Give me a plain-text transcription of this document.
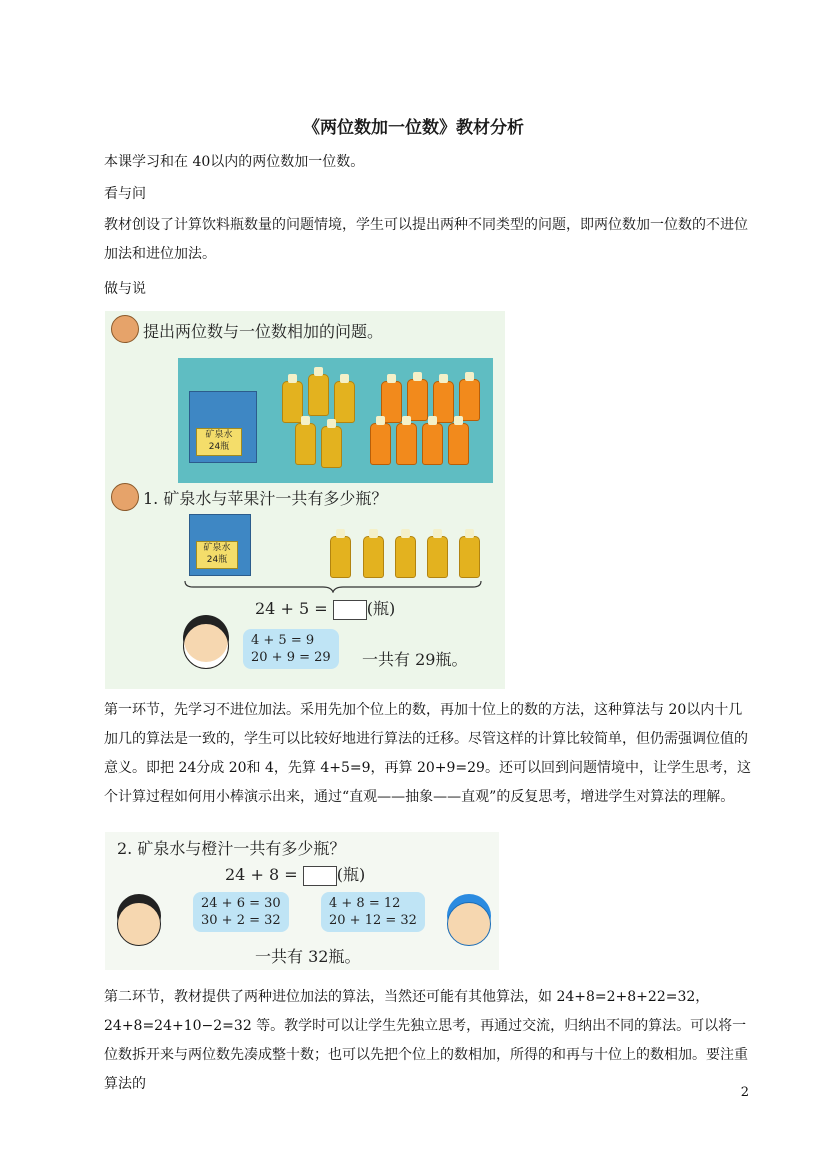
《两位数加一位数》教材分析

本课学习和在 40以内的两位数加一位数。

看与问

教材创设了计算饮料瓶数量的问题情境，学生可以提出两种不同类型的问题，即两位数加一位数的不进位加法和进位加法。

做与说

提出两位数与一位数相加的问题。
矿泉水
24瓶
1. 矿泉水与苹果汁一共有多少瓶？
矿泉水
24瓶
24 + 5 = (瓶)
4 + 5 = 9
20 + 9 = 29 一共有 29瓶。

第一环节，先学习不进位加法。采用先加个位上的数，再加十位上的数的方法，这种算法与 20以内十几加几的算法是一致的，学生可以比较好地进行算法的迁移。尽管这样的计算比较简单，但仍需强调位值的意义。即把 24分成 20和 4，先算 4+5=9，再算 20+9=29。还可以回到问题情境中，让学生思考，这个计算过程如何用小棒演示出来，通过“直观——抽象——直观”的反复思考，增进学生对算法的理解。

2. 矿泉水与橙汁一共有多少瓶？
24 + 8 = (瓶)
24 + 6 = 30
30 + 2 = 32
4 + 8 = 12
20 + 12 = 32
一共有 32瓶。

第二环节，教材提供了两种进位加法的算法，当然还可能有其他算法，如 24+8=2+8+22=32，24+8=24+10−2=32 等。教学时可以让学生先独立思考，再通过交流，归纳出不同的算法。可以将一位数拆开来与两位数先凑成整十数；也可以先把个位上的数相加，所得的和再与十位上的数相加。要注重算法的

2
